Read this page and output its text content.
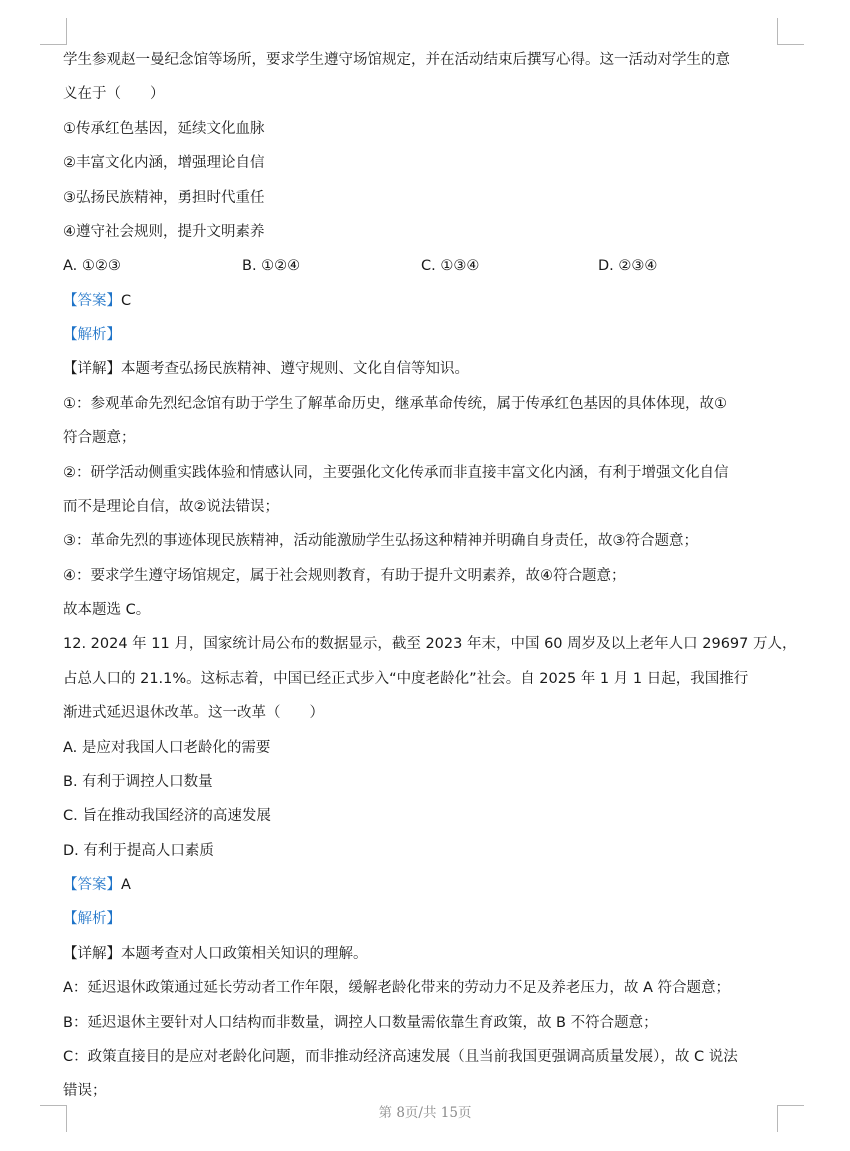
学生参观赵一曼纪念馆等场所，要求学生遵守场馆规定，并在活动结束后撰写心得。这一活动对学生的意
义在于（　　）
①传承红色基因，延续文化血脉
②丰富文化内涵，增强理论自信
③弘扬民族精神，勇担时代重任
④遵守社会规则，提升文明素养
A. ①②③	B. ①②④	C. ①③④	D. ②③④
【答案】C
【解析】
【详解】本题考查弘扬民族精神、遵守规则、文化自信等知识。
①：参观革命先烈纪念馆有助于学生了解革命历史，继承革命传统，属于传承红色基因的具体体现，故①
符合题意；
②：研学活动侧重实践体验和情感认同，主要强化文化传承而非直接丰富文化内涵，有利于增强文化自信
而不是理论自信，故②说法错误；
③：革命先烈的事迹体现民族精神，活动能激励学生弘扬这种精神并明确自身责任，故③符合题意；
④：要求学生遵守场馆规定，属于社会规则教育，有助于提升文明素养，故④符合题意；
故本题选 C。
12. 2024 年 11 月，国家统计局公布的数据显示，截至 2023 年末，中国 60 周岁及以上老年人口 29697 万人，
占总人口的 21.1%。这标志着，中国已经正式步入“中度老龄化”社会。自 2025 年 1 月 1 日起，我国推行
渐进式延迟退休改革。这一改革（　　）
A. 是应对我国人口老龄化的需要
B. 有利于调控人口数量
C. 旨在推动我国经济的高速发展
D. 有利于提高人口素质
【答案】A
【解析】
【详解】本题考查对人口政策相关知识的理解。
A：延迟退休政策通过延长劳动者工作年限，缓解老龄化带来的劳动力不足及养老压力，故 A 符合题意；
B：延迟退休主要针对人口结构而非数量，调控人口数量需依靠生育政策，故 B 不符合题意；
C：政策直接目的是应对老龄化问题，而非推动经济高速发展（且当前我国更强调高质量发展），故 C 说法
错误；
第 8页/共 15页
